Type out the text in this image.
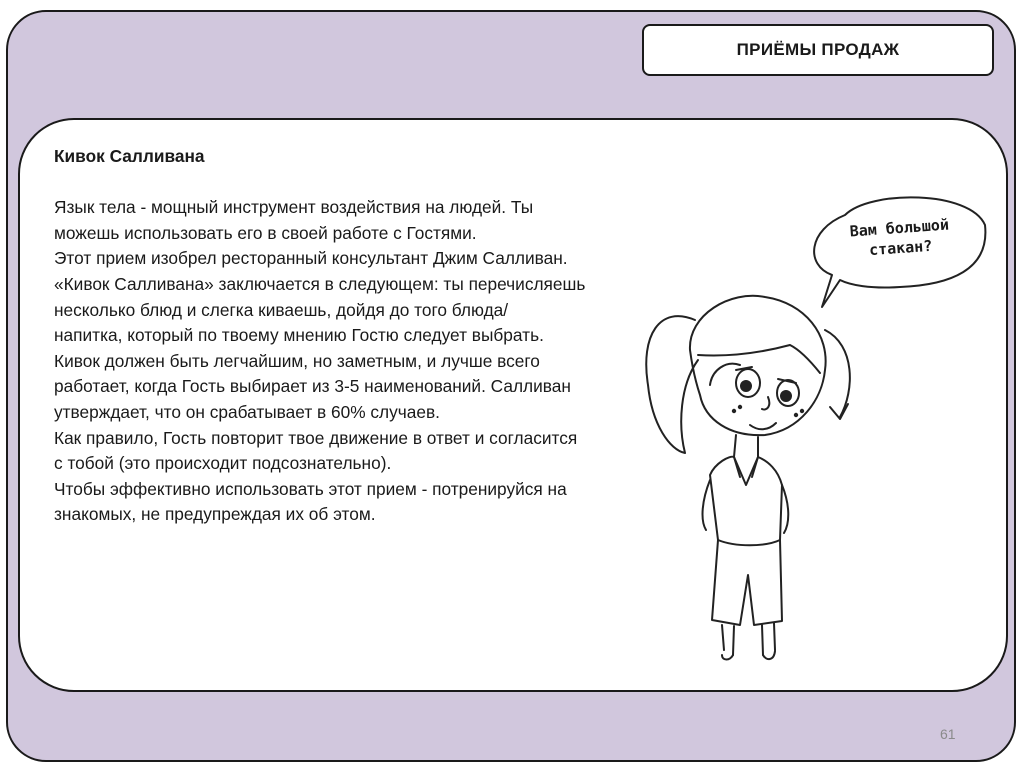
ПРИЁМЫ ПРОДАЖ
Кивок Салливана
Язык тела - мощный инструмент воздействия на людей. Ты
можешь использовать его в своей работе с Гостями.
Этот прием изобрел ресторанный консультант Джим Салливан.
«Кивок Салливана» заключается в следующем: ты перечисляешь
несколько блюд и слегка киваешь, дойдя до того блюда/
напитка, который по твоему мнению Гостю следует выбрать.
Кивок должен быть легчайшим, но заметным, и лучше всего
работает, когда Гость выбирает из 3-5 наименований. Салливан
утверждает, что он срабатывает в 60% случаев.
Как правило, Гость повторит твое движение в ответ и согласится
с тобой (это происходит подсознательно).
Чтобы эффективно использовать этот прием - потренируйся на
знакомых, не предупреждая их об этом.
Вам большой
стакан?
61
